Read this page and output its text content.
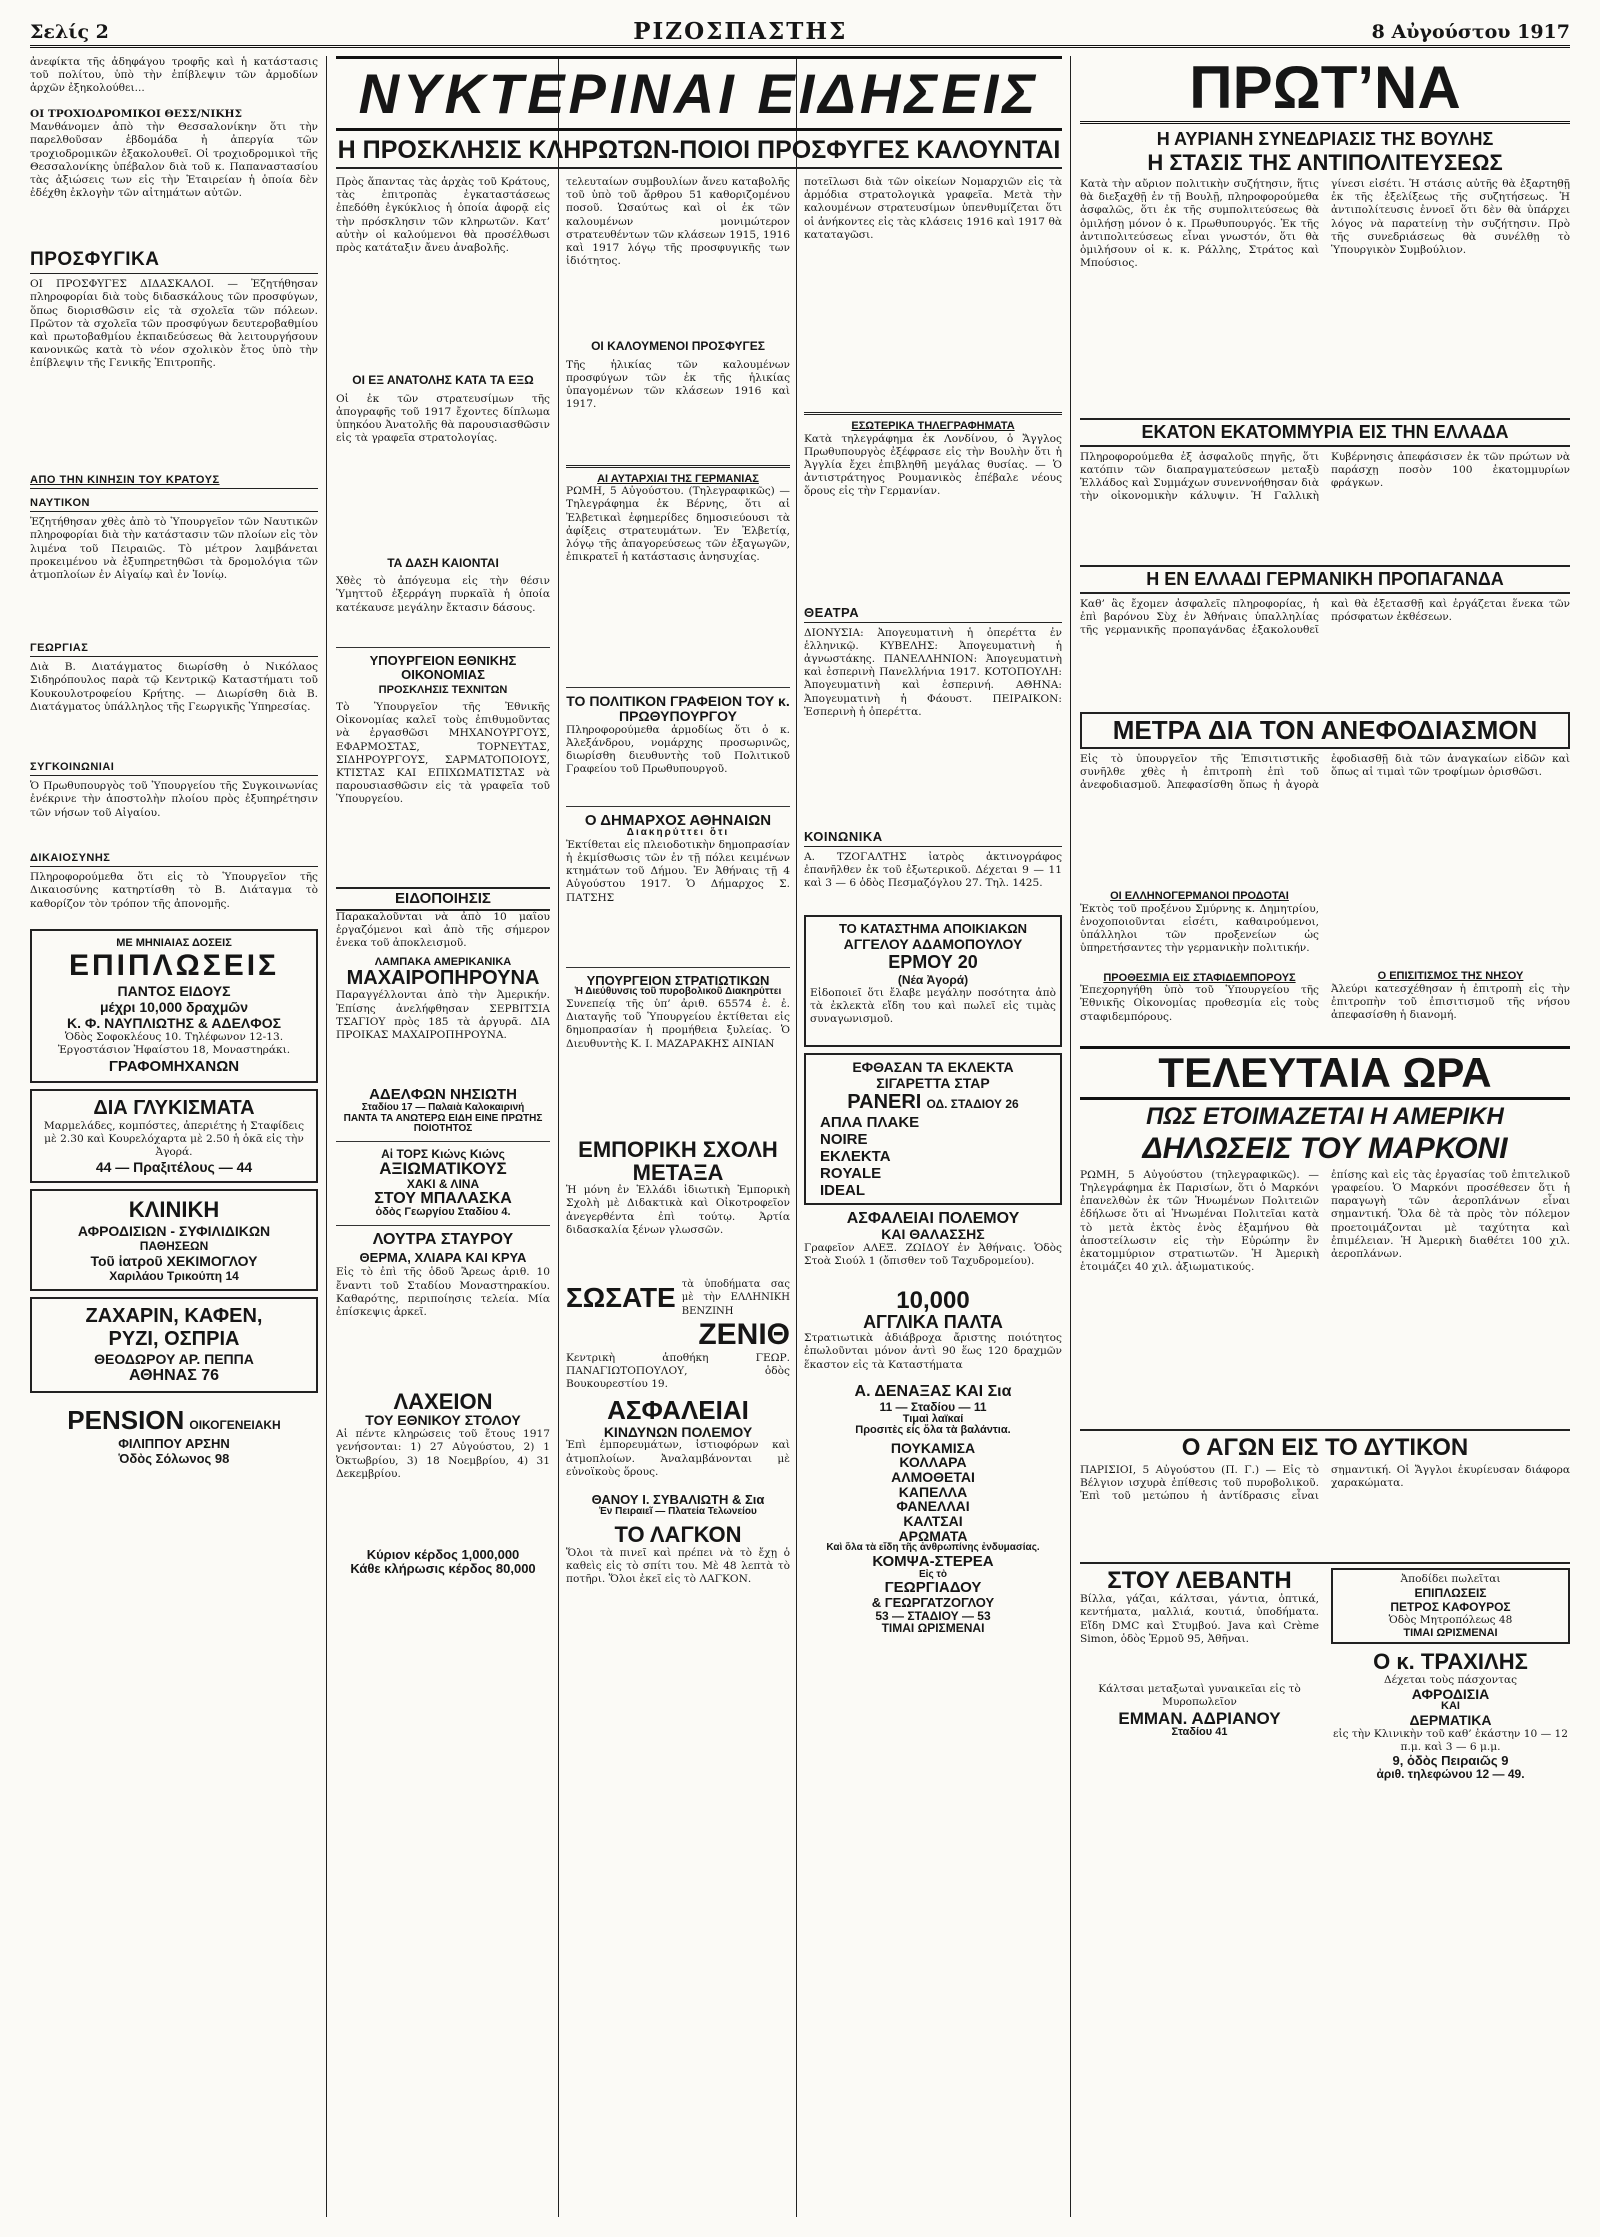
Σελίς 2	ΡΙΖΟΣΠΑΣΤΗΣ	8 Αὐγούστου 1917

ἀνεφίκτα τῆς ἀδηφάγου τροφῆς καὶ ἡ κατάστασις τοῦ πολίτου, ὑπὸ τὴν ἐπίβλεψιν τῶν ἀρμοδίων ἀρχῶν ἐξηκολούθει...

ΟΙ ΤΡΟΧΙΟΔΡΟΜΙΚΟΙ ΘΕΣΣ/ΝΙΚΗΣ

Μανθάνομεν ἀπὸ τὴν Θεσσαλονίκην ὅτι τὴν παρελθοῦσαν ἑβδομάδα ἡ ἀπεργία τῶν τροχιοδρομικῶν ἐξακολουθεῖ. Οἱ τροχιοδρομικοὶ τῆς Θεσσαλονίκης ὑπέβαλον διὰ τοῦ κ. Παπαναστασίου τὰς ἀξιώσεις των εἰς τὴν Ἑταιρείαν ἡ ὁποία δὲν ἐδέχθη ἐκλογὴν τῶν αἰτημάτων αὐτῶν.

ΠΡΟΣΦΥΓΙΚΑ

ΟΙ ΠΡΟΣΦΥΓΕΣ ΔΙΔΑΣΚΑΛΟΙ. — Ἐζητήθησαν πληροφορίαι διὰ τοὺς διδασκάλους τῶν προσφύγων, ὅπως διορισθῶσιν εἰς τὰ σχολεῖα τῶν πόλεων. Πρῶτον τὰ σχολεῖα τῶν προσφύγων δευτεροβαθμίου καὶ πρωτοβαθμίου ἐκπαιδεύσεως θὰ λειτουργήσουν κανονικῶς κατὰ τὸ νέον σχολικὸν ἔτος ὑπὸ τὴν ἐπίβλεψιν τῆς Γενικῆς Ἐπιτροπῆς.

ΑΠΟ ΤΗΝ ΚΙΝΗΣΙΝ ΤΟΥ ΚΡΑΤΟΥΣ
ΝΑΥΤΙΚΟΝ

Ἐζητήθησαν χθὲς ἀπὸ τὸ Ὑπουργεῖον τῶν Ναυτικῶν πληροφορίαι διὰ τὴν κατάστασιν τῶν πλοίων εἰς τὸν λιμένα τοῦ Πειραιῶς. Τὸ μέτρον λαμβάνεται προκειμένου νὰ ἐξυπηρετηθῶσι τὰ δρομολόγια τῶν ἀτμοπλοίων ἐν Αἰγαίῳ καὶ ἐν Ἰονίῳ.

ΓΕΩΡΓΙΑΣ

Διὰ Β. Διατάγματος διωρίσθη ὁ Νικόλαος Σιδηρόπουλος παρὰ τῷ Κεντρικῷ Καταστήματι τοῦ Κουκουλοτροφείου Κρήτης. — Διωρίσθη διὰ Β. Διατάγματος ὑπάλληλος τῆς Γεωργικῆς Ὑπηρεσίας.

ΣΥΓΚΟΙΝΩΝΙΑΙ

Ὁ Πρωθυπουργὸς τοῦ Ὑπουργείου τῆς Συγκοινωνίας ἐνέκρινε τὴν ἀποστολὴν πλοίου πρὸς ἐξυπηρέτησιν τῶν νήσων τοῦ Αἰγαίου.

ΔΙΚΑΙΟΣΥΝΗΣ

Πληροφορούμεθα ὅτι εἰς τὸ Ὑπουργεῖον τῆς Δικαιοσύνης κατηρτίσθη τὸ Β. Διάταγμα τὸ καθορίζον τὸν τρόπον τῆς ἀπονομῆς.

ΜΕ ΜΗΝΙΑΙΑΣ ΔΟΣΕΙΣ
ΕΠΙΠΛΩΣΕΙΣ
ΠΑΝΤΟΣ ΕΙΔΟΥΣ
μέχρι 10,000 δραχμῶν
Κ. Φ. ΝΑΥΠΛΙΩΤΗΣ & ΑΔΕΛΦΟΣ
Ὁδὸς Σοφοκλέους 10. Τηλέφωνον 12-13. Ἐργοστάσιον Ἡφαίστου 18, Μοναστηράκι.
ΓΡΑΦΟΜΗΧΑΝΩΝ
ΔΙΑ ΓΛΥΚΙΣΜΑΤΑ
Μαρμελάδες, κομπόστες, ἀπεριέτης ἡ Σταφίδεις μὲ 2.30 καὶ Κουρελόχαρτα μὲ 2.50 ἡ ὀκᾶ εἰς τὴν Ἀγορά.
44 — Πραξιτέλους — 44
ΚΛΙΝΙΚΗ
ΑΦΡΟΔΙΣΙΩΝ - ΣΥΦΙΛΙΔΙΚΩΝ
ΠΑΘΗΣΕΩΝ
Τοῦ ἰατροῦ ΧΕΚΙΜΟΓΛΟΥ
Χαριλάου Τρικούπη 14
ΖΑΧΑΡΙΝ, ΚΑΦΕΝ,
ΡΥΖΙ, ΟΣΠΡΙΑ
ΘΕΟΔΩΡΟΥ ΑΡ. ΠΕΠΠΑ
ΑΘΗΝΑΣ 76
PENSION ΟΙΚΟΓΕΝΕΙΑΚΗ
ΦΙΛΙΠΠΟΥ ΑΡΣΗΝ
Ὁδὸς Σόλωνος 98
ΝΥΚΤΕΡΙΝΑΙ ΕΙΔΗΣΕΙΣ
Η ΠΡΟΣΚΛΗΣΙΣ ΚΛΗΡΩΤΩΝ-ΠΟΙΟΙ ΠΡΟΣΦΥΓΕΣ ΚΑΛΟΥΝΤΑΙ

Πρὸς ἅπαντας τὰς ἀρχὰς τοῦ Κράτους, τὰς ἐπιτροπὰς ἐγκαταστάσεως ἐπεδόθη ἐγκύκλιος ἡ ὁποία ἀφορᾷ εἰς τὴν πρόσκλησιν τῶν κληρωτῶν. Κατ’ αὐτὴν οἱ καλούμενοι θὰ προσέλθωσι πρὸς κατάταξιν ἄνευ ἀναβολῆς.

ΟΙ ΕΞ ΑΝΑΤΟΛΗΣ ΚΑΤΑ ΤΑ ΕΞΩ

Οἱ ἐκ τῶν στρατευσίμων τῆς ἀπογραφῆς τοῦ 1917 ἔχοντες δίπλωμα ὑπηκόου Ἀνατολῆς θὰ παρουσιασθῶσιν εἰς τὰ γραφεῖα στρατολογίας.

ΤΑ ΔΑΣΗ ΚΑΙΟΝΤΑΙ

Χθὲς τὸ ἀπόγευμα εἰς τὴν θέσιν Ὑμηττοῦ ἐξερράγη πυρκαϊὰ ἡ ὁποία κατέκαυσε μεγάλην ἔκτασιν δάσους.

ΥΠΟΥΡΓΕΙΟΝ ΕΘΝΙΚΗΣ ΟΙΚΟΝΟΜΙΑΣ
ΠΡΟΣΚΛΗΣΙΣ ΤΕΧΝΙΤΩΝ

Τὸ Ὑπουργεῖον τῆς Ἐθνικῆς Οἰκονομίας καλεῖ τοὺς ἐπιθυμοῦντας νὰ ἐργασθῶσι ΜΗΧΑΝΟΥΡΓΟΥΣ, ΕΦΑΡΜΟΣΤΑΣ, ΤΟΡΝΕΥΤΑΣ, ΣΙΔΗΡΟΥΡΓΟΥΣ, ΣΑΡΜΑΤΟΠΟΙΟΥΣ, ΚΤΙΣΤΑΣ ΚΑΙ ΕΠΙΧΩΜΑΤΙΣΤΑΣ νὰ παρουσιασθῶσιν εἰς τὰ γραφεῖα τοῦ Ὑπουργείου.

ΕΙΔΟΠΟΙΗΣΙΣ

Παρακαλοῦνται νὰ ἀπὸ 10 μαΐου ἐργαζόμενοι καὶ ἀπὸ τῆς σήμερον ἐνεκα τοῦ ἀποκλεισμοῦ.

ΛΑΜΠΑΚΑ ΑΜΕΡΙΚΑΝΙΚΑ
ΜΑΧΑΙΡΟΠΗΡΟΥΝΑ

Παραγγέλλονται ἀπὸ τὴν Ἀμερικήν. Ἐπίσης ἀνελήφθησαν ΣΕΡΒΙΤΣΙΑ ΤΣΑΓΙΟΥ πρὸς 185 τὰ ἀργυρᾶ. ΔΙΑ ΠΡΟΙΚΑΣ ΜΑΧΑΙΡΟΠΗΡΟΥΝΑ.

ΑΔΕΛΦΩΝ ΝΗΣΙΩΤΗ
Σταδίου 17 — Παλαιὰ Καλοκαιρινή
ΠΑΝΤΑ ΤΑ ΑΝΩΤΕΡΩ ΕΙΔΗ ΕΙΝΕ ΠΡΩΤΗΣ ΠΟΙΟΤΗΤΟΣ
Αἱ ΤΟΡΣ Κιώνς Κιώνς
ΑΞΙΩΜΑΤΙΚΟΥΣ
ΧΑΚΙ & ΛΙΝΑ
ΣΤΟΥ ΜΠΑΛΑΣΚΑ
ὁδὸς Γεωργίου Σταδίου 4.
ΛΟΥΤΡΑ ΣΤΑΥΡΟΥ
ΘΕΡΜΑ, ΧΛΙΑΡΑ ΚΑΙ ΚΡΥΑ

Εἰς τὸ ἐπὶ τῆς ὁδοῦ Ἄρεως ἀριθ. 10 ἔναντι τοῦ Σταδίου Μοναστηρακίου. Καθαρότης, περιποίησις τελεία. Μία ἐπίσκεψις ἀρκεῖ.

ΛΑΧΕΙΟΝ
ΤΟΥ ΕΘΝΙΚΟΥ ΣΤΟΛΟΥ

Αἱ πέντε κληρώσεις τοῦ ἔτους 1917 γενήσονται: 1) 27 Αὐγούστου, 2) 1 Ὀκτωβρίου, 3) 18 Νοεμβρίου, 4) 31 Δεκεμβρίου.

Κύριον κέρδος 1,000,000
Κάθε κλήρωσις κέρδος 80,000

τελευταίων συμβουλίων ἄνευ καταβολῆς τοῦ ὑπὸ τοῦ ἄρθρου 51 καθοριζομένου ποσοῦ. Ὡσαύτως καὶ οἱ ἐκ τῶν καλουμένων μονιμώτερον στρατευθέντων τῶν κλάσεων 1915, 1916 καὶ 1917 λόγῳ τῆς προσφυγικῆς των ἰδιότητος.

ΟΙ ΚΑΛΟΥΜΕΝΟΙ ΠΡΟΣΦΥΓΕΣ

Τῆς ἡλικίας τῶν καλουμένων προσφύγων τῶν ἐκ τῆς ἡλικίας ὑπαγομένων τῶν κλάσεων 1916 καὶ 1917.

ΑΙ ΑΥΤΑΡΧΙΑΙ ΤΗΣ ΓΕΡΜΑΝΙΑΣ

ΡΩΜΗ, 5 Αὐγούστου. (Τηλεγραφικῶς) — Τηλεγράφημα ἐκ Βέρνης, ὅτι αἱ Ἐλβετικαὶ ἐφημερίδες δημοσιεύουσι τὰ ἀφίξεις στρατευμάτων. Ἐν Ἐλβετίᾳ, λόγῳ τῆς ἀπαγορεύσεως τῶν ἐξαγωγῶν, ἐπικρατεῖ ἡ κατάστασις ἀνησυχίας.

ΤΟ ΠΟΛΙΤΙΚΟΝ ΓΡΑΦΕΙΟΝ ΤΟΥ κ. ΠΡΩΘΥΠΟΥΡΓΟΥ

Πληροφορούμεθα ἀρμοδίως ὅτι ὁ κ. Ἀλεξάνδρου, νομάρχης προσωρινῶς, διωρίσθη διευθυντὴς τοῦ Πολιτικοῦ Γραφείου τοῦ Πρωθυπουργοῦ.

Ο ΔΗΜΑΡΧΟΣ ΑΘΗΝΑΙΩΝ
Διακηρύττει ὅτι

Ἐκτίθεται εἰς πλειοδοτικὴν δημοπρασίαν ἡ ἐκμίσθωσις τῶν ἐν τῇ πόλει κειμένων κτημάτων τοῦ Δήμου. Ἐν Ἀθήναις τῇ 4 Αὐγούστου 1917. Ὁ Δήμαρχος Σ. ΠΑΤΣΗΣ

ΥΠΟΥΡΓΕΙΟΝ ΣΤΡΑΤΙΩΤΙΚΩΝ
Ἡ Διεύθυνσις τοῦ πυροβολικοῦ Διακηρύττει

Συνεπείᾳ τῆς ὑπ’ ἀριθ. 65574 ἐ. ἐ. Διαταγῆς τοῦ Ὑπουργείου ἐκτίθεται εἰς δημοπρασίαν ἡ προμήθεια ξυλείας. Ὁ Διευθυντὴς Κ. Ι. ΜΑΖΑΡΑΚΗΣ ΑΙΝΙΑΝ

ΕΜΠΟΡΙΚΗ ΣΧΟΛΗ
ΜΕΤΑΞΑ

Ἡ μόνη ἐν Ἑλλάδι ἰδιωτικὴ Ἐμπορικὴ Σχολὴ μὲ Διδακτικὰ καὶ Οἰκοτροφεῖον ἀνεγερθέντα ἐπὶ τούτῳ. Ἀρτία διδασκαλία ξένων γλωσσῶν.

ΣΩΣΑΤΕ τὰ ὑποδήματα σας μὲ τὴν ΕΛΛΗΝΙΚΗ ΒΕΝΖΙΝΗ
ΖΕΝΙΘ
Κεντρικὴ ἀποθήκη ΓΕΩΡ. ΠΑΝΑΓΙΩΤΟΠΟΥΛΟΥ, ὁδὸς Βουκουρεστίου 19.
ΑΣΦΑΛΕΙΑΙ
ΚΙΝΔΥΝΩΝ ΠΟΛΕΜΟΥ

Ἐπὶ ἐμπορευμάτων, ἱστιοφόρων καὶ ἀτμοπλοίων. Ἀναλαμβάνονται μὲ εὐνοϊκοὺς ὅρους.

ΘΑΝΟΥ Ι. ΣΥΒΑΛΙΩΤΗ & Σια
Ἐν Πειραιεῖ — Πλατεία Τελωνείου
ΤΟ ΛΑΓΚΟΝ

Ὅλοι τὰ πινεῖ καὶ πρέπει νὰ τὸ ἔχῃ ὁ καθεὶς εἰς τὸ σπίτι του. Μὲ 48 λεπτὰ τὸ ποτῆρι. Ὅλοι ἐκεῖ εἰς τὸ ΛΑΓΚΟΝ.

ποτεῖλωσι διὰ τῶν οἰκείων Νομαρχιῶν εἰς τὰ ἁρμόδια στρατολογικὰ γραφεῖα. Μετὰ τὴν καλουμένων στρατευσίμων ὑπενθυμίζεται ὅτι οἱ ἀνήκοντες εἰς τὰς κλάσεις 1916 καὶ 1917 θὰ καταταγῶσι.

ΕΣΩΤΕΡΙΚΑ ΤΗΛΕΓΡΑΦΗΜΑΤΑ

Κατὰ τηλεγράφημα ἐκ Λονδίνου, ὁ Ἄγγλος Πρωθυπουργὸς ἐξέφρασε εἰς τὴν Βουλὴν ὅτι ἡ Ἀγγλία ἔχει ἐπιβληθῆ μεγάλας θυσίας. — Ὁ ἀντιστράτηγος Ρουμανικὸς ἐπέβαλε νέους ὅρους εἰς τὴν Γερμανίαν.

ΘΕΑΤΡΑ

ΔΙΟΝΥΣΙΑ: Ἀπογευματινὴ ἡ ὀπερέττα ἐν ἑλληνικῷ. ΚΥΒΕΛΗΣ: Ἀπογευματινὴ ἡ ἀγνωστάκης. ΠΑΝΕΛΛΗΝΙΟΝ: Ἀπογευματινὴ καὶ ἑσπερινὴ Πανελλήνια 1917. ΚΟΤΟΠΟΥΛΗ: Ἀπογευματινὴ καὶ ἑσπερινή. ΑΘΗΝΑ: Ἀπογευματινὴ ἡ Φάουστ. ΠΕΙΡΑΙΚΟΝ: Ἑσπερινὴ ἡ ὀπερέττα.

ΚΟΙΝΩΝΙΚΑ

Α. ΤΖΟΓΑΛΤΗΣ ἰατρὸς ἀκτινογράφος ἐπανῆλθεν ἐκ τοῦ ἐξωτερικοῦ. Δέχεται 9 — 11 καὶ 3 — 6 ὁδὸς Πεσμαζόγλου 27. Τηλ. 1425.

ΤΟ ΚΑΤΑΣΤΗΜΑ ΑΠΟΙΚΙΑΚΩΝ
ΑΓΓΕΛΟΥ ΑΔΑΜΟΠΟΥΛΟΥ
ΕΡΜΟΥ 20
(Νέα Ἀγορά)

Εἰδοποιεῖ ὅτι ἔλαβε μεγάλην ποσότητα ἀπὸ τὰ ἐκλεκτὰ εἴδη του καὶ πωλεῖ εἰς τιμὰς συναγωνισμοῦ.

ΕΦΘΑΣΑΝ ΤΑ ΕΚΛΕΚΤΑ
ΣΙΓΑΡΕΤΤΑ ΣΤΑΡ
PANERI ΟΔ. ΣΤΑΔΙΟΥ 26
ΑΠΛΑ ΠΛΑΚΕ
NOIRE
ΕΚΛΕΚΤΑ
ROYALE
IDEAL
ΑΣΦΑΛΕΙΑΙ ΠΟΛΕΜΟΥ
ΚΑΙ ΘΑΛΑΣΣΗΣ

Γραφεῖον ΑΛΕΞ. ΖΩΙΔΟΥ ἐν Ἀθήναις. Ὁδὸς Στοὰ Σιούλ 1 (ὄπισθεν τοῦ Ταχυδρομείου).

10,000
ΑΓΓΛΙΚΑ ΠΑΛΤΑ

Στρατιωτικὰ ἀδιάβροχα ἄριστης ποιότητος ἐπωλοῦνται μόνον ἀντὶ 90 ἕως 120 δραχμῶν ἕκαστον εἰς τὰ Καταστήματα

Α. ΔΕΝΑΞΑΣ ΚΑΙ Σια
11 — Σταδίου — 11
Τιμαὶ λαϊκαί
Προσιτὲς εἰς ὅλα τὰ βαλάντια.
ΠΟΥΚΑΜΙΣΑ
ΚΟΛΛΑΡΑ
ΑΛΜΟΘΕΤΑΙ
ΚΑΠΕΛΛΑ
ΦΑΝΕΛΛΑΙ
ΚΑΛΤΣΑΙ
ΑΡΩΜΑΤΑ
Καὶ ὅλα τὰ εἴδη τῆς ἀνθρωπίνης ἐνδυμασίας.
ΚΟΜΨΑ-ΣΤΕΡΕΑ
Εἰς τὸ
ΓΕΩΡΓΙΑΔΟΥ
& ΓΕΩΡΓΑΤΖΟΓΛΟΥ
53 — ΣΤΑΔΙΟΥ — 53
ΤΙΜΑΙ ΩΡΙΣΜΕΝΑΙ
ΠΡΩΤ’ΝΑ
Η ΑΥΡΙΑΝΗ ΣΥΝΕΔΡΙΑΣΙΣ ΤΗΣ ΒΟΥΛΗΣ
Η ΣΤΑΣΙΣ ΤΗΣ ΑΝΤΙΠΟΛΙΤΕΥΣΕΩΣ

Κατὰ τὴν αὔριον πολιτικὴν συζήτησιν, ἥτις θὰ διεξαχθῇ ἐν τῇ Βουλῇ, πληροφορούμεθα ἀσφαλῶς, ὅτι ἐκ τῆς συμπολιτεύσεως θὰ ὁμιλήσῃ μόνον ὁ κ. Πρωθυπουργός. Ἐκ τῆς ἀντιπολιτεύσεως εἶναι γνωστόν, ὅτι θὰ ὁμιλήσουν οἱ κ. κ. Ράλλης, Στράτος καὶ Μπούσιος.

γίνεσι εἰσέτι. Ἡ στάσις αὐτῆς θὰ ἐξαρτηθῇ ἐκ τῆς ἐξελίξεως τῆς συζητήσεως. Ἡ ἀντιπολίτευσις ἐννοεῖ ὅτι δὲν θὰ ὑπάρχει λόγος νὰ παρατείνῃ τὴν συζήτησιν. Πρὸ τῆς συνεδριάσεως θὰ συνέλθῃ τὸ Ὑπουργικὸν Συμβούλιον.

ΕΚΑΤΟΝ ΕΚΑΤΟΜΜΥΡΙΑ ΕΙΣ ΤΗΝ ΕΛΛΑΔΑ

Πληροφορούμεθα ἐξ ἀσφαλοῦς πηγῆς, ὅτι κατόπιν τῶν διαπραγματεύσεων μεταξὺ Ἑλλάδος καὶ Συμμάχων συνεννοήθησαν διὰ τὴν οἰκονομικὴν κάλυψιν. Ἡ Γαλλικὴ Κυβέρνησις ἀπεφάσισεν ἐκ τῶν πρώτων νὰ παράσχῃ ποσὸν 100 ἑκατομμυρίων φράγκων.

Η ΕΝ ΕΛΛΑΔΙ ΓΕΡΜΑΝΙΚΗ ΠΡΟΠΑΓΑΝΔΑ

Καθ’ ἃς ἔχομεν ἀσφαλεῖς πληροφορίας, ἡ ἐπὶ βαρόνου Σὺχ ἐν Ἀθήναις ὑπαλληλίας τῆς γερμανικῆς προπαγάνδας ἐξακολουθεῖ καὶ θὰ ἐξετασθῇ καὶ ἐργάζεται ἕνεκα τῶν πρόσφατων ἐκθέσεων.

ΜΕΤΡΑ ΔΙΑ ΤΟΝ ΑΝΕΦΟΔΙΑΣΜΟΝ

Εἰς τὸ ὑπουργεῖον τῆς Ἐπισιτιστικῆς συνῆλθε χθὲς ἡ ἐπιτροπὴ ἐπὶ τοῦ ἀνεφοδιασμοῦ. Ἀπεφασίσθη ὅπως ἡ ἀγορὰ ἐφοδιασθῇ διὰ τῶν ἀναγκαίων εἰδῶν καὶ ὅπως αἱ τιμαὶ τῶν τροφίμων ὁρισθῶσι.

ΟΙ ΕΛΛΗΝΟΓΕΡΜΑΝΟΙ ΠΡΟΔΟΤΑΙ

Ἐκτὸς τοῦ προξένου Σμύρνης κ. Δημητρίου, ἐνοχοποιοῦνται εἰσέτι, καθαιρούμενοι, ὑπάλληλοι τῶν προξενείων ὡς ὑπηρετήσαντες τὴν γερμανικὴν πολιτικήν.

ΠΡΟΘΕΣΜΙΑ ΕΙΣ ΣΤΑΦΙΔΕΜΠΟΡΟΥΣ

Ἐπεχορηγήθη ὑπὸ τοῦ Ὑπουργείου τῆς Ἐθνικῆς Οἰκονομίας προθεσμία εἰς τοὺς σταφιδεμπόρους.

Ο ΕΠΙΣΙΤΙΣΜΟΣ ΤΗΣ ΝΗΣΟΥ

Ἀλεύρι κατεσχέθησαν ἡ ἐπιτροπὴ εἰς τὴν ἐπιτροπὴν τοῦ ἐπισιτισμοῦ τῆς νήσου ἀπεφασίσθη ἡ διανομή.

ΤΕΛΕΥΤΑΙΑ ΩΡΑ
ΠΩΣ ΕΤΟΙΜΑΖΕΤΑΙ Η ΑΜΕΡΙΚΗ
ΔΗΛΩΣΕΙΣ ΤΟΥ ΜΑΡΚΟΝΙ

ΡΩΜΗ, 5 Αὐγούστου (τηλεγραφικῶς). — Τηλεγράφημα ἐκ Παρισίων, ὅτι ὁ Μαρκόνι ἐπανελθὼν ἐκ τῶν Ἡνωμένων Πολιτειῶν ἐδήλωσε ὅτι αἱ Ἡνωμέναι Πολιτεῖαι κατὰ τὸ μετὰ ἐκτὸς ἑνὸς ἑξαμήνου θὰ ἀποστείλωσιν εἰς τὴν Εὐρώπην ἓν ἑκατομμύριον στρατιωτῶν. Ἡ Ἀμερικὴ ἑτοιμάζει 40 χιλ. ἀξιωματικούς.

ἐπίσης καὶ εἰς τὰς ἐργασίας τοῦ ἐπιτελικοῦ γραφείου. Ὁ Μαρκόνι προσέθεσεν ὅτι ἡ παραγωγὴ τῶν ἀεροπλάνων εἶναι σημαντική. Ὅλα δὲ τὰ πρὸς τὸν πόλεμον προετοιμάζονται μὲ ταχύτητα καὶ ἐπιμέλειαν. Ἡ Ἀμερικὴ διαθέτει 100 χιλ. ἀεροπλάνων.

Ο ΑΓΩΝ ΕΙΣ ΤΟ ΔΥΤΙΚΟΝ

ΠΑΡΙΣΙΟΙ, 5 Αὐγούστου (Π. Γ.) — Εἰς τὸ Βέλγιον ισχυρὰ ἐπίθεσις τοῦ πυροβολικοῦ. Ἐπὶ τοῦ μετώπου ἡ ἀντίδρασις εἶναι σημαντική. Οἱ Ἄγγλοι ἐκυρίευσαν διάφορα χαρακώματα.

ΣΤΟΥ ΛΕΒΑΝΤΗ

Βίλλα, γάζαι, κάλτσαι, γάντια, ὀπτικά, κεντήματα, μαλλιά, κουτιά, ὑποδήματα. Εἴδη DMC καὶ Στυμβού. Java καὶ Crème Simon, ὁδὸς Ἑρμοῦ 95, Ἀθῆναι.

Κάλτσαι μεταξωταὶ γυναικεῖαι εἰς τὸ Μυροπωλεῖον
ΕΜΜΑΝ. ΑΔΡΙΑΝΟΥ
Σταδίου 41
Ἀποδίδει πωλεῖται
ΕΠΙΠΛΩΣΕΙΣ
ΠΕΤΡΟΣ ΚΑΦΟΥΡΟΣ
Ὁδὸς Μητροπόλεως 48
ΤΙΜΑΙ ΩΡΙΣΜΕΝΑΙ
Ο κ. ΤΡΑΧΙΛΗΣ
Δέχεται τοὺς πάσχοντας
ΑΦΡΟΔΙΣΙΑ
ΚΑΙ
ΔΕΡΜΑΤΙΚΑ
εἰς τὴν Κλινικὴν τοῦ καθ’ ἑκάστην 10 — 12 π.μ. καὶ 3 — 6 μ.μ.
9, ὁδὸς Πειραιῶς 9
ἀριθ. τηλεφώνου 12 — 49.
